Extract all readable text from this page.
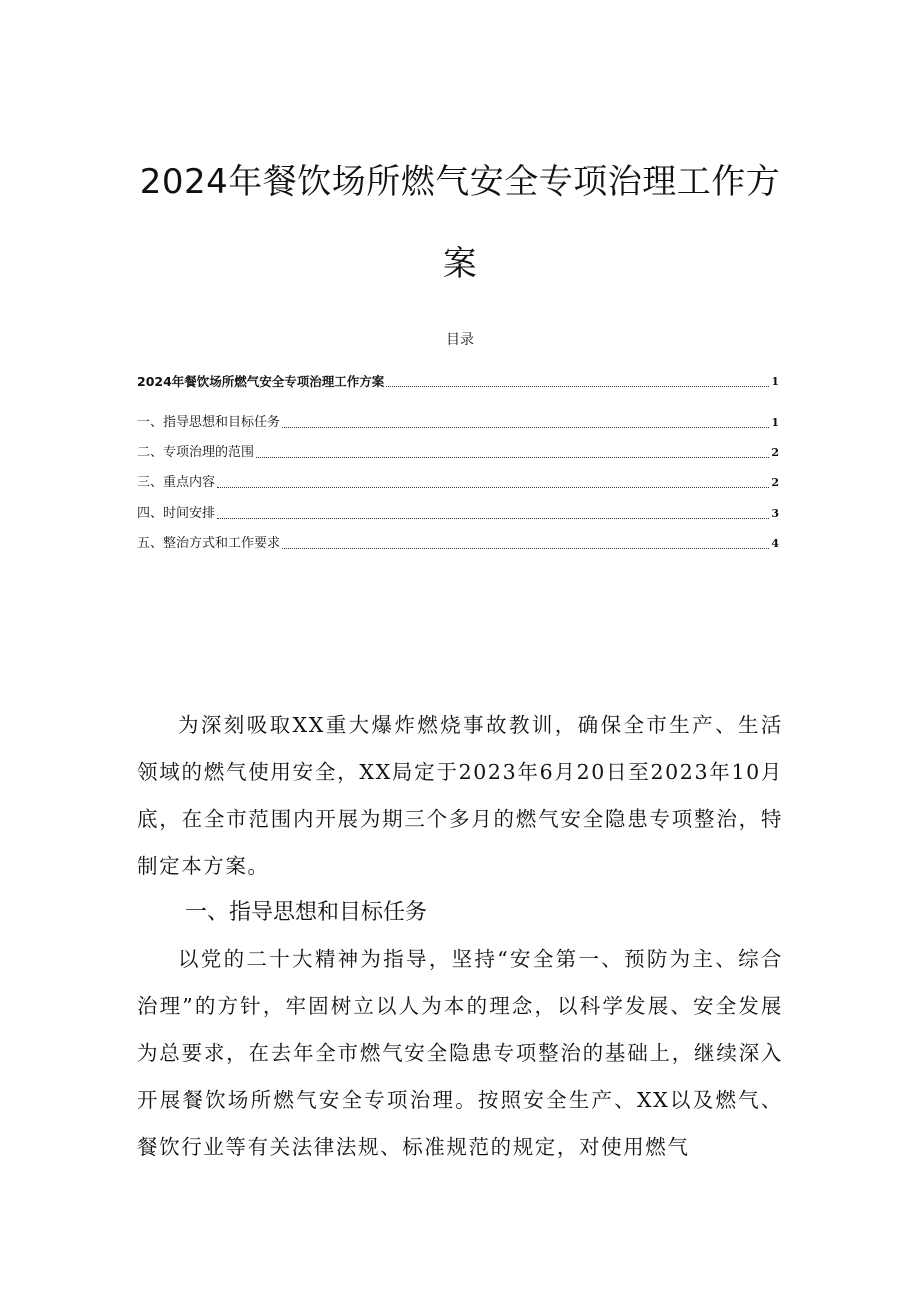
2024年餐饮场所燃气安全专项治理工作方
案
目录
2024年餐饮场所燃气安全专项治理工作方案	1
一、指导思想和目标任务	1
二、专项治理的范围	2
三、重点内容	2
四、时间安排	3
五、整治方式和工作要求	4

为深刻吸取XX重大爆炸燃烧事故教训，确保全市生产、生活领域的燃气使用安全，XX局定于2023年6月20日至2023年10月底，在全市范围内开展为期三个多月的燃气安全隐患专项整治，特制定本方案。

一、指导思想和目标任务

以党的二十大精神为指导，坚持“安全第一、预防为主、综合治理”的方针，牢固树立以人为本的理念，以科学发展、安全发展为总要求，在去年全市燃气安全隐患专项整治的基础上，继续深入开展餐饮场所燃气安全专项治理。按照安全生产、XX以及燃气、餐饮行业等有关法律法规、标准规范的规定，对使用燃气
